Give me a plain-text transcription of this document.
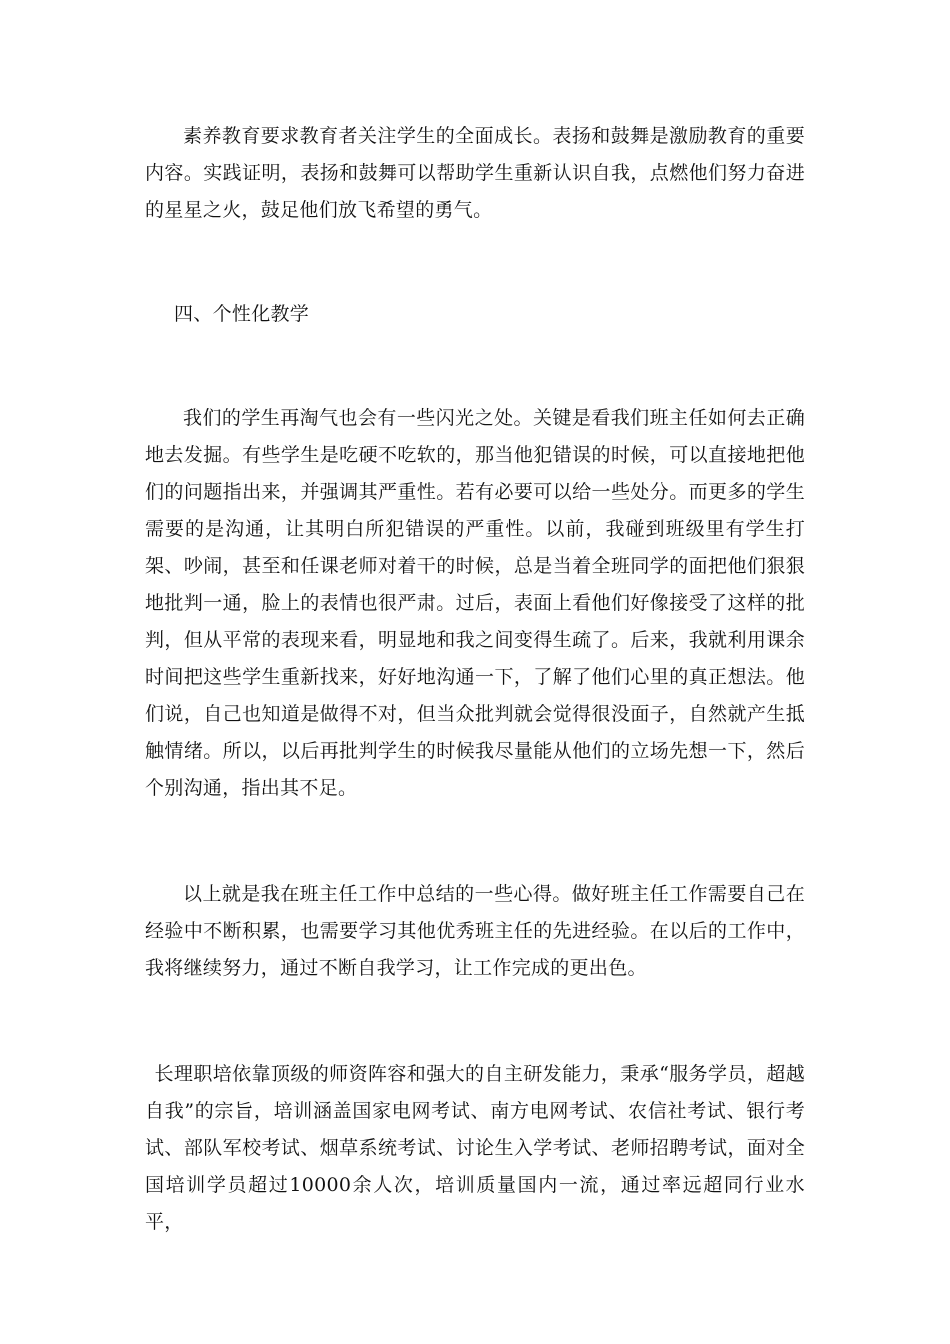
素养教育要求教育者关注学生的全面成长。表扬和鼓舞是激励教育的重要内容。实践证明，表扬和鼓舞可以帮助学生重新认识自我，点燃他们努力奋进的星星之火，鼓足他们放飞希望的勇气。

四、个性化教学

我们的学生再淘气也会有一些闪光之处。关键是看我们班主任如何去正确地去发掘。有些学生是吃硬不吃软的，那当他犯错误的时候，可以直接地把他们的问题指出来，并强调其严重性。若有必要可以给一些处分。而更多的学生需要的是沟通，让其明白所犯错误的严重性。以前，我碰到班级里有学生打架、吵闹，甚至和任课老师对着干的时候，总是当着全班同学的面把他们狠狠地批判一通，脸上的表情也很严肃。过后，表面上看他们好像接受了这样的批判，但从平常的表现来看，明显地和我之间变得生疏了。后来，我就利用课余时间把这些学生重新找来，好好地沟通一下，了解了他们心里的真正想法。他们说，自己也知道是做得不对，但当众批判就会觉得很没面子，自然就产生抵触情绪。所以，以后再批判学生的时候我尽量能从他们的立场先想一下，然后个别沟通，指出其不足。

以上就是我在班主任工作中总结的一些心得。做好班主任工作需要自己在经验中不断积累，也需要学习其他优秀班主任的先进经验。在以后的工作中，我将继续努力，通过不断自我学习，让工作完成的更出色。

长理职培依靠顶级的师资阵容和强大的自主研发能力，秉承“服务学员，超越自我”的宗旨，培训涵盖国家电网考试、南方电网考试、农信社考试、银行考试、部队军校考试、烟草系统考试、讨论生入学考试、老师招聘考试，面对全国培训学员超过10000余人次，培训质量国内一流，通过率远超同行业水平，
